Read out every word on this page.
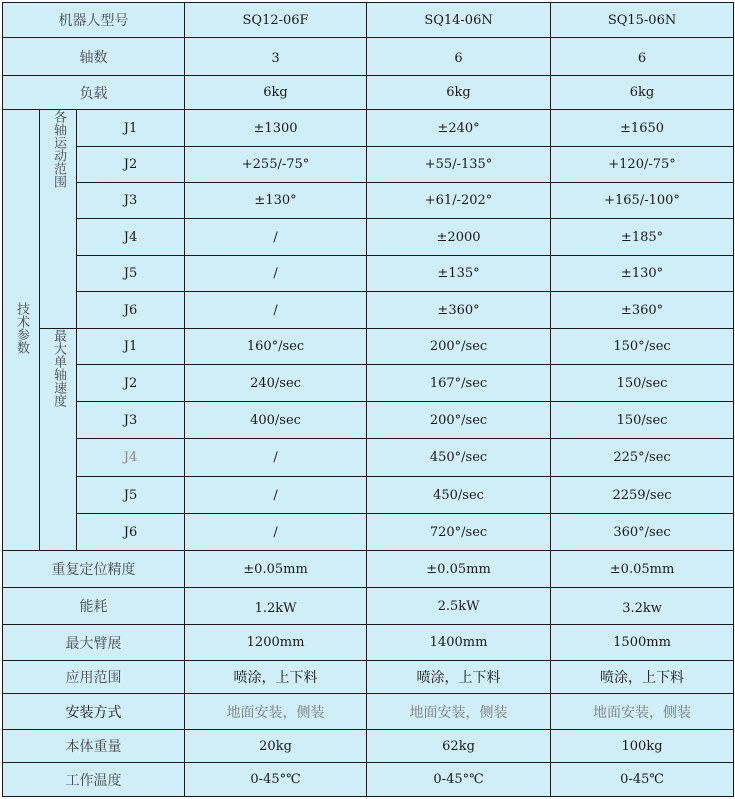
机器人型号			SQ12-06F	SQ14-06N	SQ15-06N
轴数			3	6	6
负载			6kg	6kg	6kg
技术参数	各轴运动范围	J1	±1300	±240°	±1650
		J2	+255/-75°	+55/-135°	+120/-75°
		J3	±130°	+61/-202°	+165/-100°
		J4	/	±2000	±185°
		J5	/	±135°	±130°
		J6	/	±360°	±360°
	最大单轴速度	J1	160°/sec	200°/sec	150°/sec
		J2	240/sec	167°/sec	150/sec
		J3	400/sec	200°/sec	150/sec
		J4	/	450°/sec	225°/sec
		J5	/	450/sec	2259/sec
		J6	/	720°/sec	360°/sec
重复定位精度			±0.05mm	±0.05mm	±0.05mm
能耗			1.2kW	2.5kW	3.2kw
最大臂展			1200mm	1400mm	1500mm
应用范围			喷涂，上下料	喷涂，上下料	喷涂，上下料
安装方式			地面安装，侧装	地面安装，侧装	地面安装，侧装
本体重量			20kg	62kg	100kg
工作温度			0-45°℃	0-45°℃	0-45℃
